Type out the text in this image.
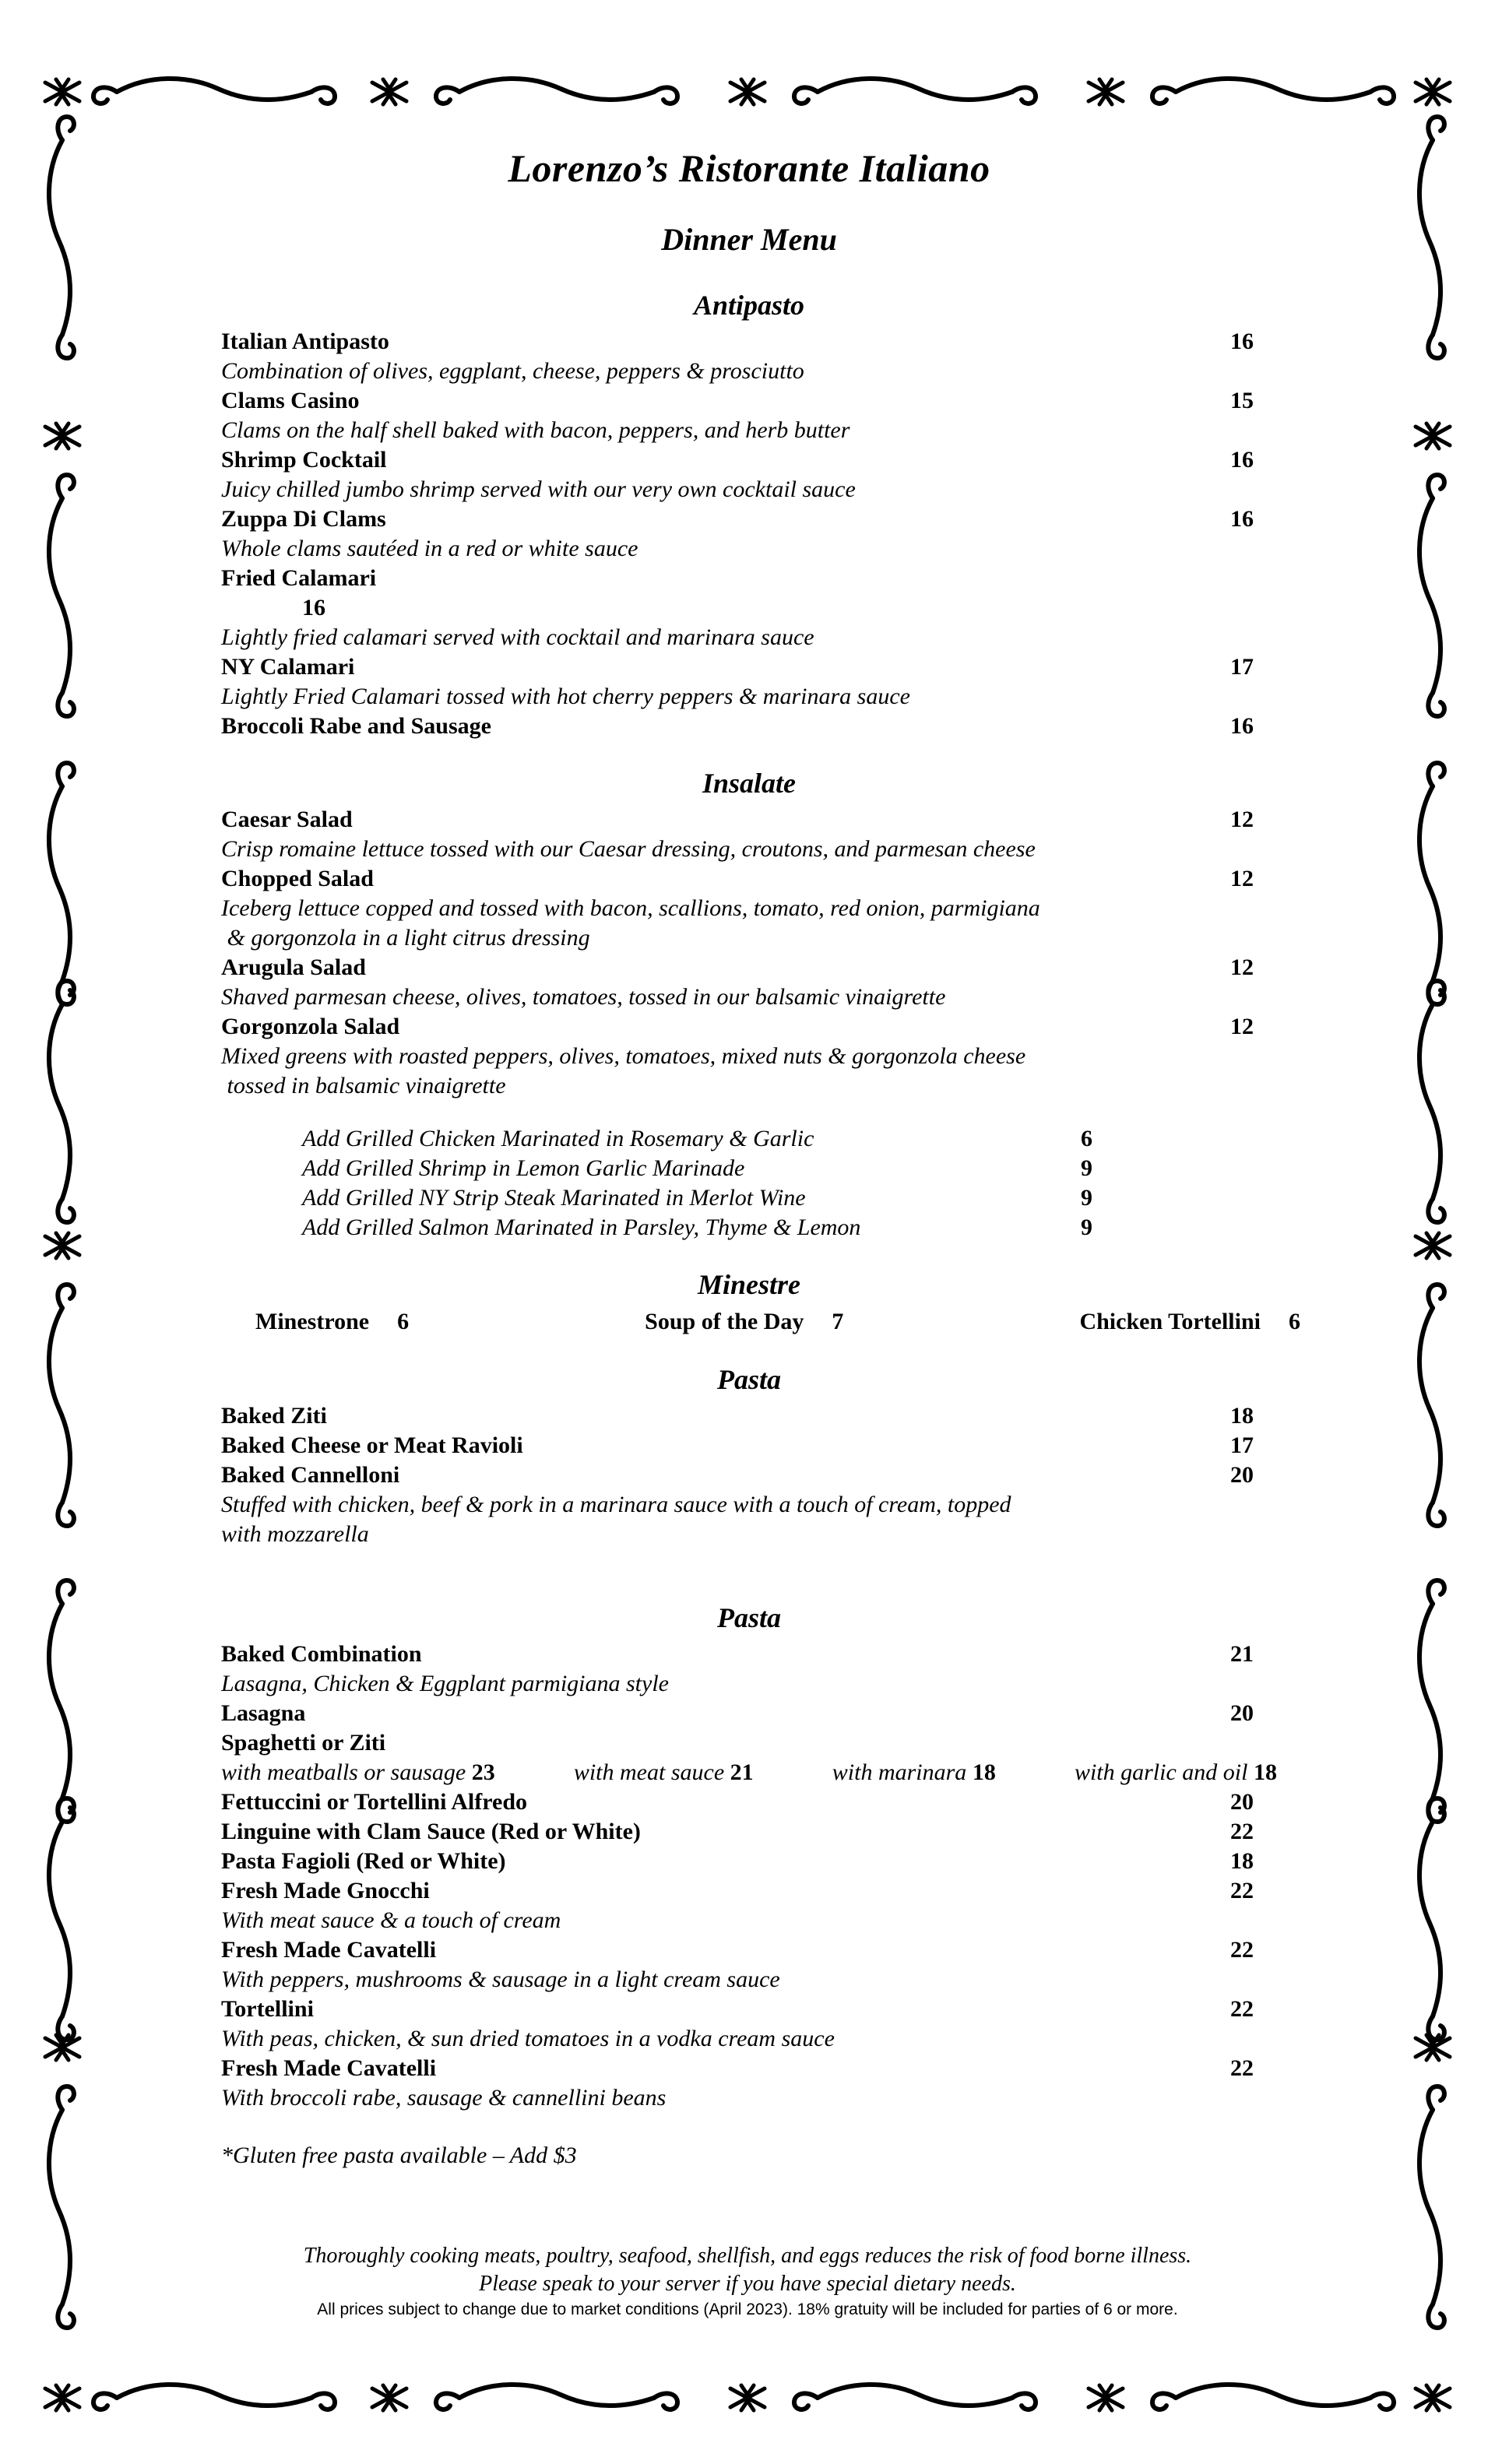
Lorenzo’s Ristorante Italiano
Dinner Menu
Antipasto
Italian Antipasto	16
Combination of olives, eggplant, cheese, peppers & prosciutto
Clams Casino	15
Clams on the half shell baked with bacon, peppers, and herb butter
Shrimp Cocktail	16
Juicy chilled jumbo shrimp served with our very own cocktail sauce
Zuppa Di Clams	16
Whole clams sautéed in a red or white sauce
Fried Calamari
16
Lightly fried calamari served with cocktail and marinara sauce
NY Calamari	17
Lightly Fried Calamari tossed with hot cherry peppers & marinara sauce
Broccoli Rabe and Sausage	16
Insalate
Caesar Salad	12
Crisp romaine lettuce tossed with our Caesar dressing, croutons, and parmesan cheese
Chopped Salad	12
Iceberg lettuce copped and tossed with bacon, scallions, tomato, red onion, parmigiana
& gorgonzola in a light citrus dressing
Arugula Salad	12
Shaved parmesan cheese, olives, tomatoes, tossed in our balsamic vinaigrette
Gorgonzola Salad	12
Mixed greens with roasted peppers, olives, tomatoes, mixed nuts & gorgonzola cheese
tossed in balsamic vinaigrette
Add Grilled Chicken Marinated in Rosemary & Garlic	6
Add Grilled Shrimp in Lemon Garlic Marinade	9
Add Grilled NY Strip Steak Marinated in Merlot Wine	9
Add Grilled Salmon Marinated in Parsley, Thyme & Lemon	9
Minestre
Minestrone 6	Soup of the Day 7	Chicken Tortellini 6
Pasta
Baked Ziti	18
Baked Cheese or Meat Ravioli	17
Baked Cannelloni	20
Stuffed with chicken, beef & pork in a marinara sauce with a touch of cream, topped
with mozzarella
Pasta
Baked Combination	21
Lasagna, Chicken & Eggplant parmigiana style
Lasagna	20
Spaghetti or Ziti
with meatballs or sausage 23	with meat sauce 21	with marinara 18	with garlic and oil 18
Fettuccini or Tortellini Alfredo	20
Linguine with Clam Sauce (Red or White)	22
Pasta Fagioli (Red or White)	18
Fresh Made Gnocchi	22
With meat sauce & a touch of cream
Fresh Made Cavatelli	22
With peppers, mushrooms & sausage in a light cream sauce
Tortellini	22
With peas, chicken, & sun dried tomatoes in a vodka cream sauce
Fresh Made Cavatelli	22
With broccoli rabe, sausage & cannellini beans
*Gluten free pasta available – Add $3
Thoroughly cooking meats, poultry, seafood, shellfish, and eggs reduces the risk of food borne illness.
Please speak to your server if you have special dietary needs.
All prices subject to change due to market conditions (April 2023). 18% gratuity will be included for parties of 6 or more.
